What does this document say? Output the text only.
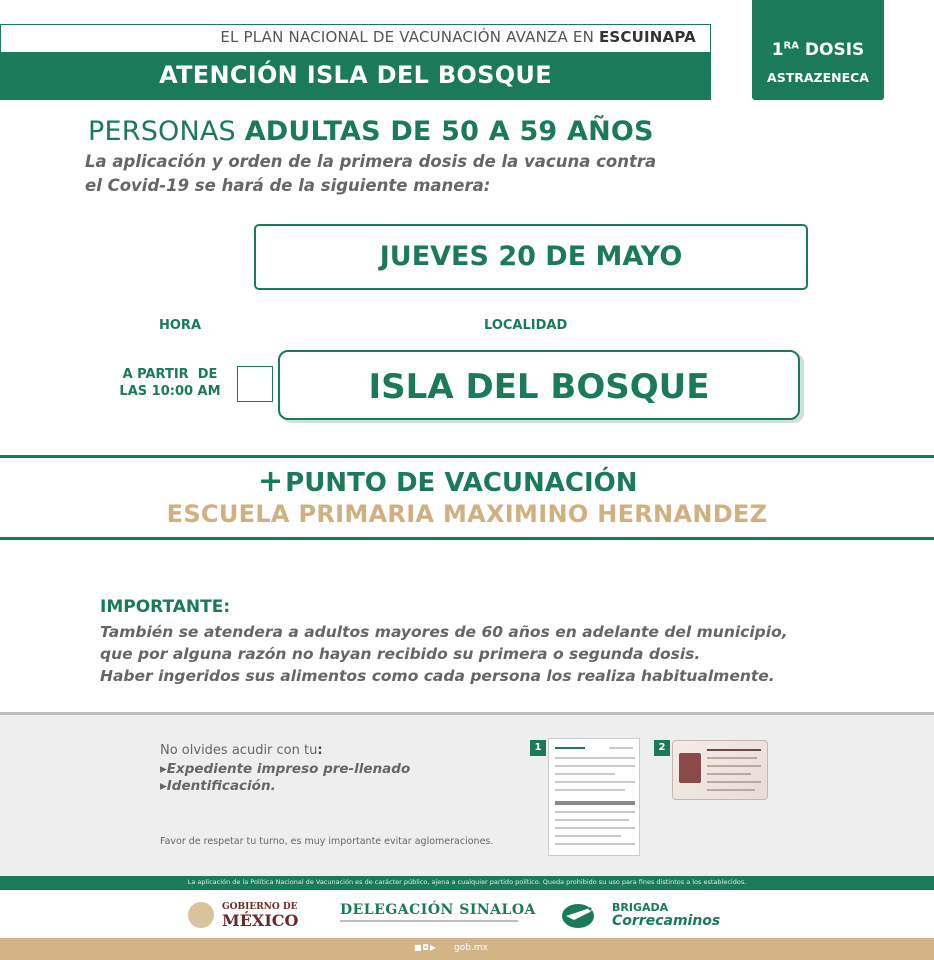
EL PLAN NACIONAL DE VACUNACIÓN AVANZA EN ESCUINAPA
ATENCIÓN ISLA DEL BOSQUE
$1^{RA}$ DOSIS
ASTRAZENECA
PERSONAS ADULTAS DE 50 A 59 AÑOS
La aplicación y orden de la primera dosis de la vacuna contra
el Covid-19 se hará de la siguiente manera:
JUEVES 20 DE MAYO
HORA	LOCALIDAD
A PARTIR  DE
LAS 10:00 AM	ISLA DEL BOSQUE
+PUNTO DE VACUNACIÓN
ESCUELA PRIMARIA MAXIMINO HERNANDEZ
IMPORTANTE:
También se atendera a adultos mayores de 60 años en adelante del municipio,
que por alguna razón no hayan recibido su primera o segunda dosis.
Haber ingeridos sus alimentos como cada persona los realiza habitualmente.
No olvides acudir con tu:
▸Expediente impreso pre-llenado
▸Identificación.
Favor de respetar tu turno, es muy importante evitar aglomeraciones.
1	2
La aplicación de la Política Nacional de Vacunación es de carácter público, ajena a cualquier partido político. Queda prohibido su uso para fines distintos a los establecidos.
GOBIERNO DE
MÉXICO
DELEGACIÓN SINALOA	BRIGADA
Correcaminos
■◘▶ gob.mx
